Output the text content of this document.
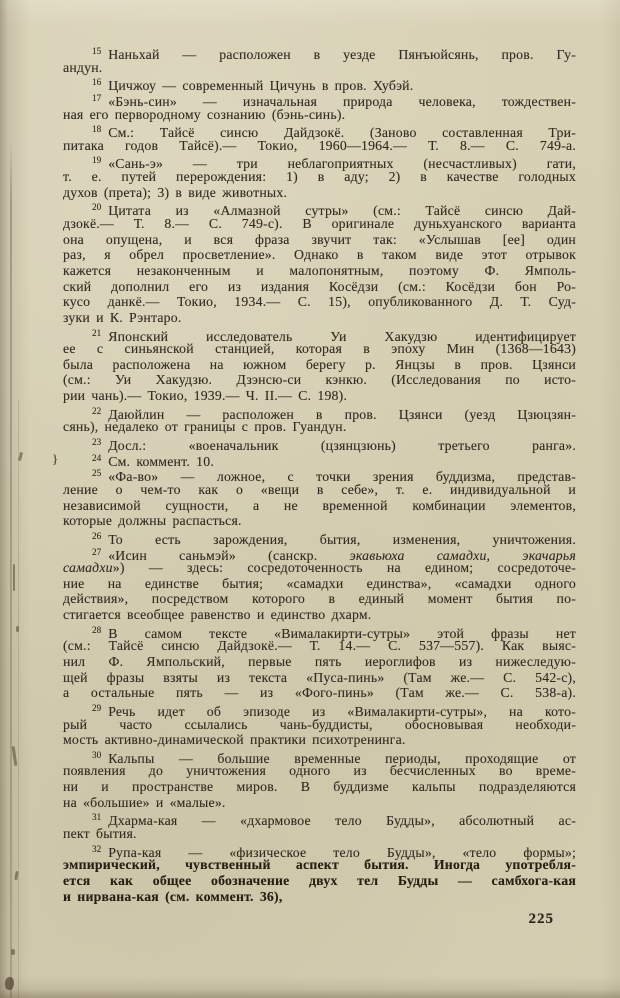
$^{15}$ Наньхай — расположен в уезде Пянъюйсянь, пров. Гу-
андун.
$^{16}$ Цичжоу — современный Цичунь в пров. Хубэй.
$^{17}$ «Бэнь-син» — изначальная природа человека, тождествен-
ная его первородному сознанию (бэнь-синь).
$^{18}$ См.: Тайсё синсю Дайдзокё. (Заново составленная Три-
питака годов Тайсё).— Токио, 1960—1964.— Т. 8.— С. 749-а.
$^{19}$ «Сань-э» — три неблагоприятных (несчастливых) гати,
т. е. путей перерождения: 1) в аду; 2) в качестве голодных
духов (прета); 3) в виде животных.
$^{20}$ Цитата из «Алмазной сутры» (см.: Тайсё синсю Дай-
дзокё.— Т. 8.— С. 749-с). В оригинале дуньхуанского варианта
она опущена, и вся фраза звучит так: «Услышав [ее] один
раз, я обрел просветление». Однако в таком виде этот отрывок
кажется незаконченным и малопонятным, поэтому Ф. Ямполь-
ский дополнил его из издания Косёдзи (см.: Косёдзи бон Ро-
кусо данкё.— Токио, 1934.— С. 15), опубликованного Д. Т. Суд-
зуки и К. Рэнтаро.
$^{21}$ Японский исследователь Уи Хакудзю идентифицирует
ее с синьянской станцией, которая в эпоху Мин (1368—1643)
была расположена на южном берегу р. Янцзы в пров. Цзянси
(см.: Уи Хакудзю. Дзэнсю-си кэнкю. (Исследования по исто-
рии чань).— Токио, 1939.— Ч. II.— С. 198).
$^{22}$ Даюйлин — расположен в пров. Цзянси (уезд Цзюцзян-
сянь), недалеко от границы с пров. Гуандун.
$^{23}$ Досл.: «военачальник (цзянцзюнь) третьего ранга».
}	$^{24}$ См. коммент. 10.
$^{25}$ «Фа-во» — ложное, с точки зрения буддизма, представ-
ление о чем-то как о «вещи в себе», т. е. индивидуальной и
независимой сущности, а не временной комбинации элементов,
которые должны распасться.
$^{26}$ То есть зарождения, бытия, изменения, уничтожения.
$^{27}$ «Исин саньмэй» (санскр. экавьюха самадхи, экачарья
самадхи») — здесь: сосредоточенность на едином; сосредоточе-
ние на единстве бытия; «самадхи единства», «самадхи одного
действия», посредством которого в единый момент бытия по-
стигается всеобщее равенство и единство дхарм.
$^{28}$ В самом тексте «Вималакирти-сутры» этой фразы нет
(см.: Тайсё синсю Дайдзокё.— Т. 14.— С. 537—557). Как выяс-
нил Ф. Ямпольский, первые пять иероглифов из нижеследую-
щей фразы взяты из текста «Пуса-пинь» (Там же.— С. 542-с),
а остальные пять — из «Фого-пинь» (Там же.— С. 538-а).
$^{29}$ Речь идет об эпизоде из «Вималакирти-сутры», на кото-
рый часто ссылались чань-буддисты, обосновывая необходи-
мость активно-динамической практики психотренинга.
$^{30}$ Кальпы — большие временные периоды, проходящие от
появления до уничтожения одного из бесчисленных во време-
ни и пространстве миров. В буддизме кальпы подразделяются
на «большие» и «малые».
$^{31}$ Дхарма-кая — «дхармовое тело Будды», абсолютный ас-
пект бытия.
$^{32}$ Рупа-кая — «физическое тело Будды», «тело формы»;
эмпирический, чувственный аспект бытия. Иногда употребля-
ется как общее обозначение двух тел Будды — самбхога-кая
и нирвана-кая (см. коммент. 36),
225
